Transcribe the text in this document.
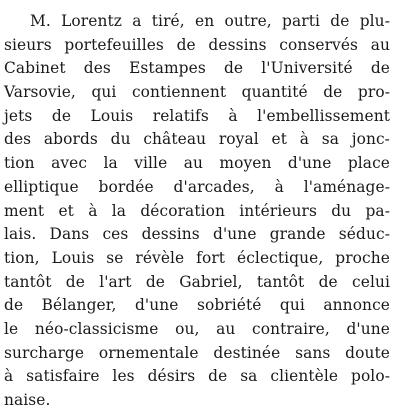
M. Lorentz a tiré, en outre, parti de plu-
sieurs portefeuilles de dessins conservés au
Cabinet des Estampes de l'Université de
Varsovie, qui contiennent quantité de pro-
jets de Louis relatifs à l'embellissement
des abords du château royal et à sa jonc-
tion avec la ville au moyen d'une place
elliptique bordée d'arcades, à l'aménage-
ment et à la décoration intérieurs du pa-
lais. Dans ces dessins d'une grande séduc-
tion, Louis se révèle fort éclectique, proche
tantôt de l'art de Gabriel, tantôt de celui
de Bélanger, d'une sobriété qui annonce
le néo-classicisme ou, au contraire, d'une
surcharge ornementale destinée sans doute
à satisfaire les désirs de sa clientèle polo-
naise.
